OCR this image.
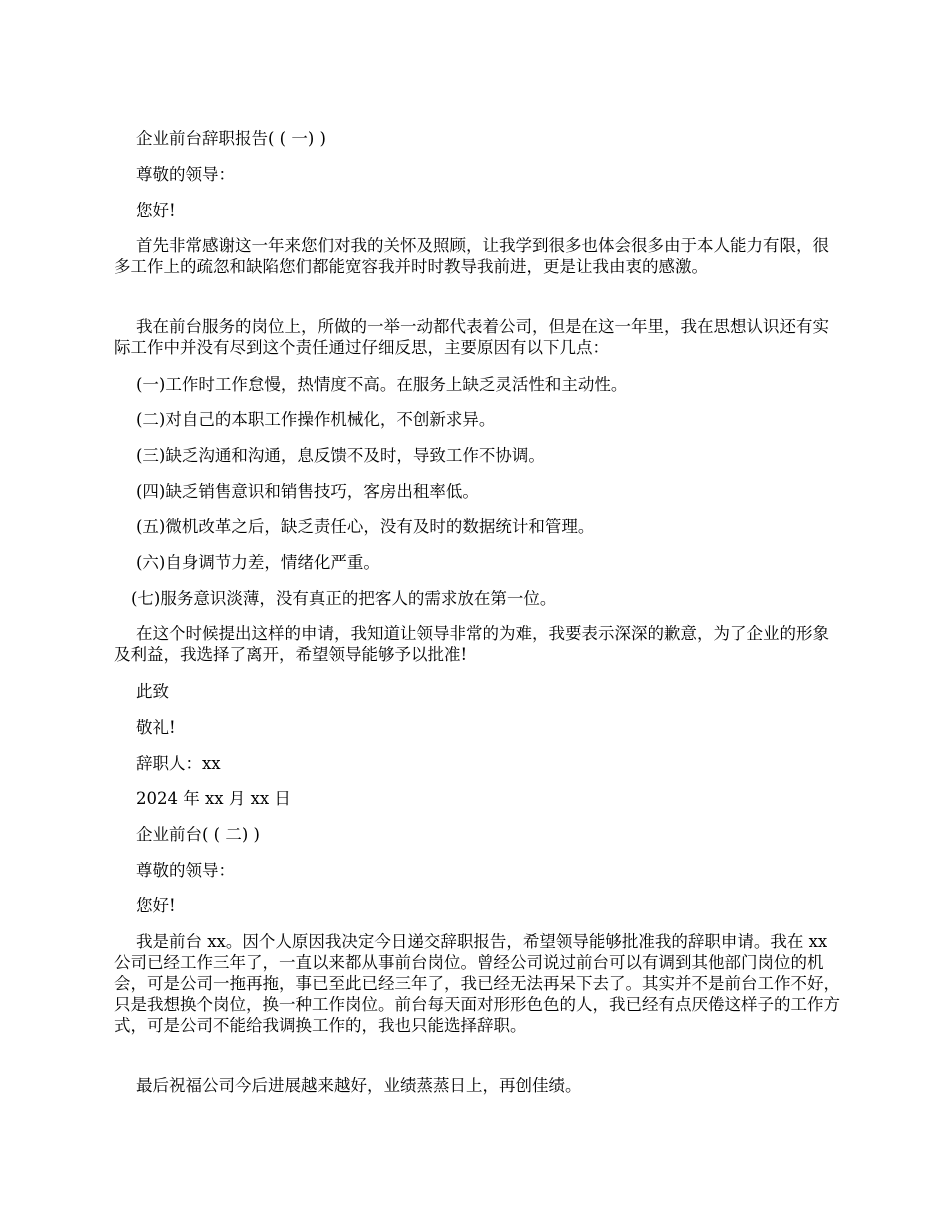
企业前台辞职报告( ( 一) )

尊敬的领导：

您好!

首先非常感谢这一年来您们对我的关怀及照顾，让我学到很多也体会很多由于本人能力有限，很多工作上的疏忽和缺陷您们都能宽容我并时时教导我前进，更是让我由衷的感激。

我在前台服务的岗位上，所做的一举一动都代表着公司，但是在这一年里，我在思想认识还有实际工作中并没有尽到这个责任通过仔细反思，主要原因有以下几点：

(一)工作时工作怠慢，热情度不高。在服务上缺乏灵活性和主动性。

(二)对自己的本职工作操作机械化，不创新求异。

(三)缺乏沟通和沟通，息反馈不及时，导致工作不协调。

(四)缺乏销售意识和销售技巧，客房出租率低。

(五)微机改革之后，缺乏责任心，没有及时的数据统计和管理。

(六)自身调节力差，情绪化严重。

(七)服务意识淡薄，没有真正的把客人的需求放在第一位。

在这个时候提出这样的申请，我知道让领导非常的为难，我要表示深深的歉意，为了企业的形象及利益，我选择了离开，希望领导能够予以批准!

此致

敬礼!

辞职人：xx

2024 年 xx 月 xx 日

企业前台( ( 二) )

尊敬的领导：

您好!

我是前台 xx。因个人原因我决定今日递交辞职报告，希望领导能够批准我的辞职申请。我在 xx 公司已经工作三年了，一直以来都从事前台岗位。曾经公司说过前台可以有调到其他部门岗位的机会，可是公司一拖再拖，事已至此已经三年了，我已经无法再呆下去了。其实并不是前台工作不好，只是我想换个岗位，换一种工作岗位。前台每天面对形形色色的人，我已经有点厌倦这样子的工作方式，可是公司不能给我调换工作的，我也只能选择辞职。

最后祝福公司今后进展越来越好，业绩蒸蒸日上，再创佳绩。
